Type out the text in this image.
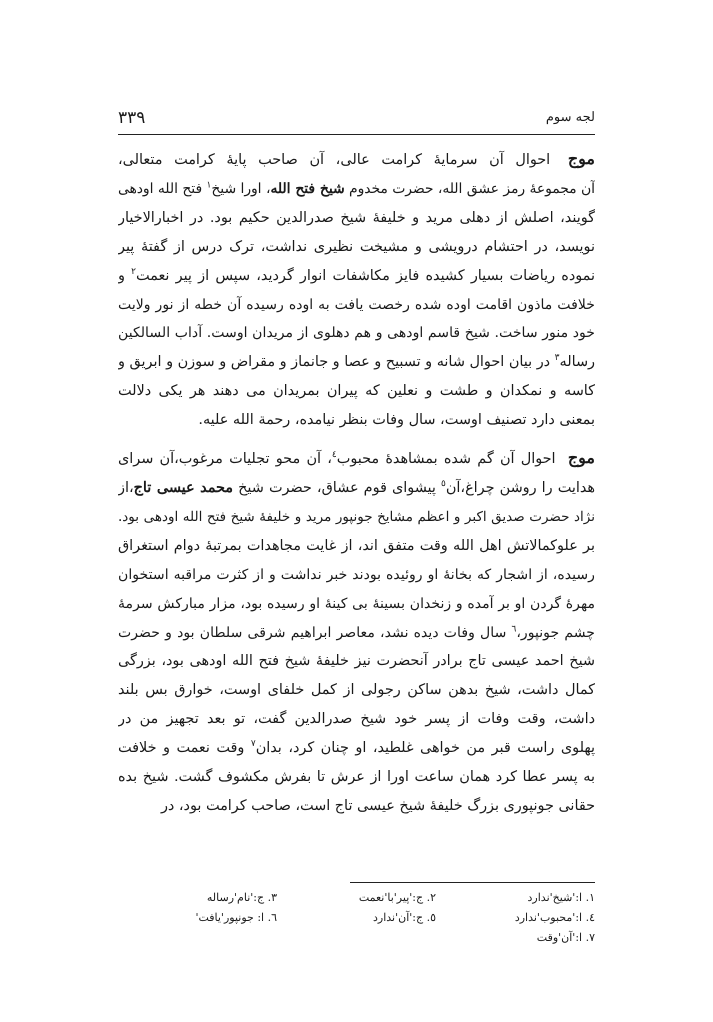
لجه سوم
۳۳۹

موج احوال آن سرمایهٔ کرامت عالی، آن صاحب پایهٔ کرامت متعالی،
آن مجموعهٔ رمز عشق الله، حضرت مخدوم شیخ فتح الله، اورا شیخ$^۱$ فتح الله اودهی
گویند، اصلش از دهلی مرید و خلیفهٔ شیخ صدرالدین حکیم بود. در اخبارالاخیار
نویسد، در احتشام درویشی و مشیخت نظیری نداشت، ترک درس از گفتهٔ پیر
نموده ریاضات بسیار کشیده فایز مکاشفات انوار گردید، سپس از پیر نعمت$^۲$ و
خلافت ماذون اقامت اوده شده رخصت یافت به اوده رسیده آن خطه از نور ولایت
خود منور ساخت. شیخ قاسم اودهی و هم دهلوی از مریدان اوست. آداب السالکین
رساله$^۳$ در بیان احوال شانه و تسبیح و عصا و جانماز و مقراض و سوزن و ابریق و
کاسه و نمکدان و طشت و نعلین که پیران بمریدان می دهند هر یکی دلالت
بمعنی دارد تصنیف اوست، سال وفات بنظر نیامده، رحمة الله علیه.

موج احوال آن گم شده بمشاهدهٔ محبوب$^٤$، آن محو تجلیات مرغوب،آن سرای
هدایت را روشن چراغ،آن$^٥$ پیشوای قوم عشاق، حضرت شیخ محمد عیسی تاج،از
نژاد حضرت صدیق اکبر و اعظم مشایخ جونپور مرید و خلیفهٔ شیخ فتح الله اودهی بود.
بر علوکمالاتش اهل الله وقت متفق اند، از غایت مجاهدات بمرتبهٔ دوام استغراق
رسیده، از اشجار که بخانهٔ او روئیده بودند خبر نداشت و از کثرت مراقبه استخوان
مهرهٔ گردن او بر آمده و زنخدان بسینهٔ بی کینهٔ او رسیده بود، مزار مبارکش سرمهٔ
چشم جونپور،$^٦$ سال وفات دیده نشد، معاصر ابراهیم شرقی سلطان بود و حضرت
شیخ احمد عیسی تاج برادر آنحضرت نیز خلیفهٔ شیخ فتح الله اودهی بود، بزرگی
کمال داشت، شیخ بدهن ساکن رجولی از کمل خلفای اوست، خوارق بس بلند
داشت، وقت وفات از پسر خود شیخ صدرالدین گفت، تو بعد تجهیز من در
پهلوی راست قبر من خواهی غلطید، او چنان کرد، بدان$^۷$ وقت نعمت و خلافت
به پسر عطا کرد همان ساعت اورا از عرش تا بفرش مکشوف گشت. شیخ بده
حقانی جونپوری بزرگ خلیفهٔ شیخ عیسی تاج است، صاحب کرامت بود، در

۱. ا:'شیخ'ندارد
۲. ج:'پیر'با'نعمت
۳. ج:'نام'رساله
٤. ا:'محبوب'ندارد
٥. ج:'آن'ندارد
٦. ا: جونپور'یافت'
۷. ا:'آن'وقت
